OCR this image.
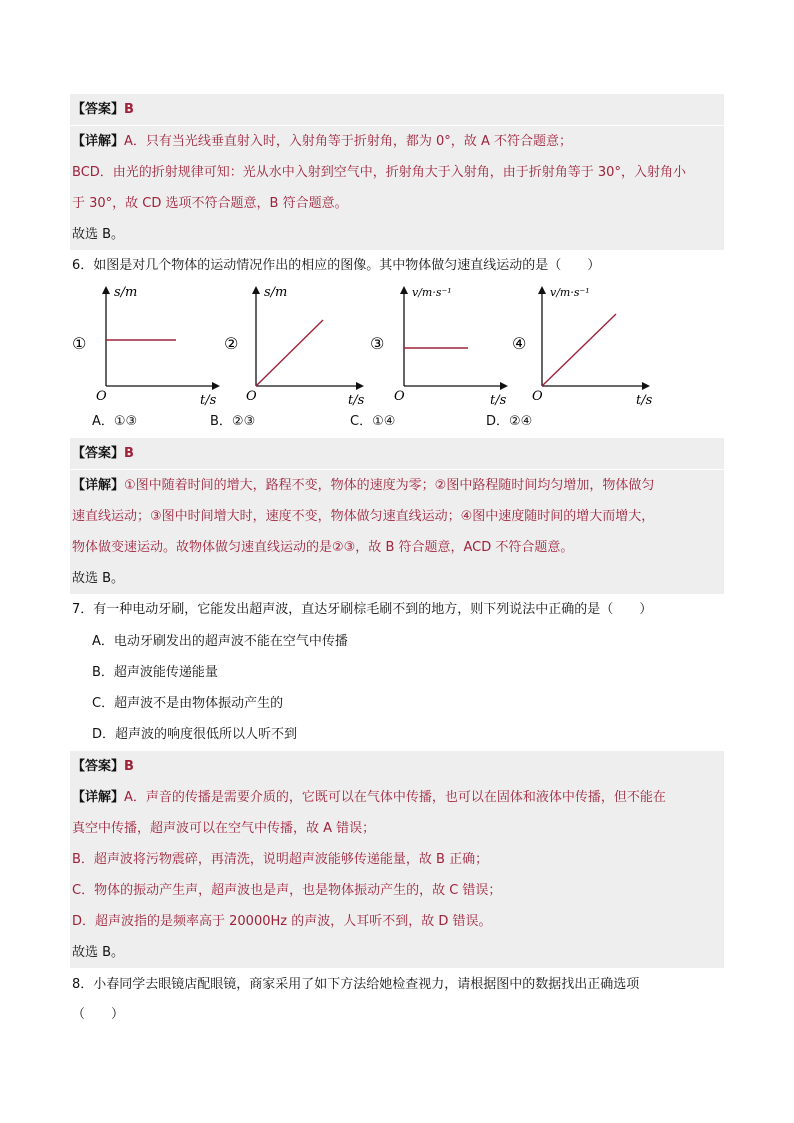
【答案】B
【详解】A．只有当光线垂直射入时，入射角等于折射角，都为 0°，故 A 不符合题意；
BCD．由光的折射规律可知：光从水中入射到空气中，折射角大于入射角，由于折射角等于 30°，入射角小
于 30°，故 CD 选项不符合题意，B 符合题意。
故选 B。
6．如图是对几个物体的运动情况作出的相应的图像。其中物体做匀速直线运动的是（　　）
①
s/m
t/s
O
②
s/m
t/s
O
③
v/m·s⁻¹
t/s
O
④
v/m·s⁻¹
t/s
O
A．①③	B．②③	C．①④	D．②④
【答案】B
【详解】①图中随着时间的增大，路程不变，物体的速度为零；②图中路程随时间均匀增加，物体做匀
速直线运动；③图中时间增大时，速度不变，物体做匀速直线运动；④图中速度随时间的增大而增大，
物体做变速运动。故物体做匀速直线运动的是②③，故 B 符合题意，ACD 不符合题意。
故选 B。
7．有一种电动牙刷，它能发出超声波，直达牙刷棕毛刷不到的地方，则下列说法中正确的是（　　）
A．电动牙刷发出的超声波不能在空气中传播
B．超声波能传递能量
C．超声波不是由物体振动产生的
D．超声波的响度很低所以人听不到
【答案】B
【详解】A．声音的传播是需要介质的，它既可以在气体中传播，也可以在固体和液体中传播，但不能在
真空中传播，超声波可以在空气中传播，故 A 错误；
B．超声波将污物震碎，再清洗，说明超声波能够传递能量，故 B 正确；
C．物体的振动产生声，超声波也是声，也是物体振动产生的，故 C 错误；
D．超声波指的是频率高于 20000Hz 的声波，人耳听不到，故 D 错误。
故选 B。
8．小春同学去眼镜店配眼镜，商家采用了如下方法给她检查视力，请根据图中的数据找出正确选项
（　　）
